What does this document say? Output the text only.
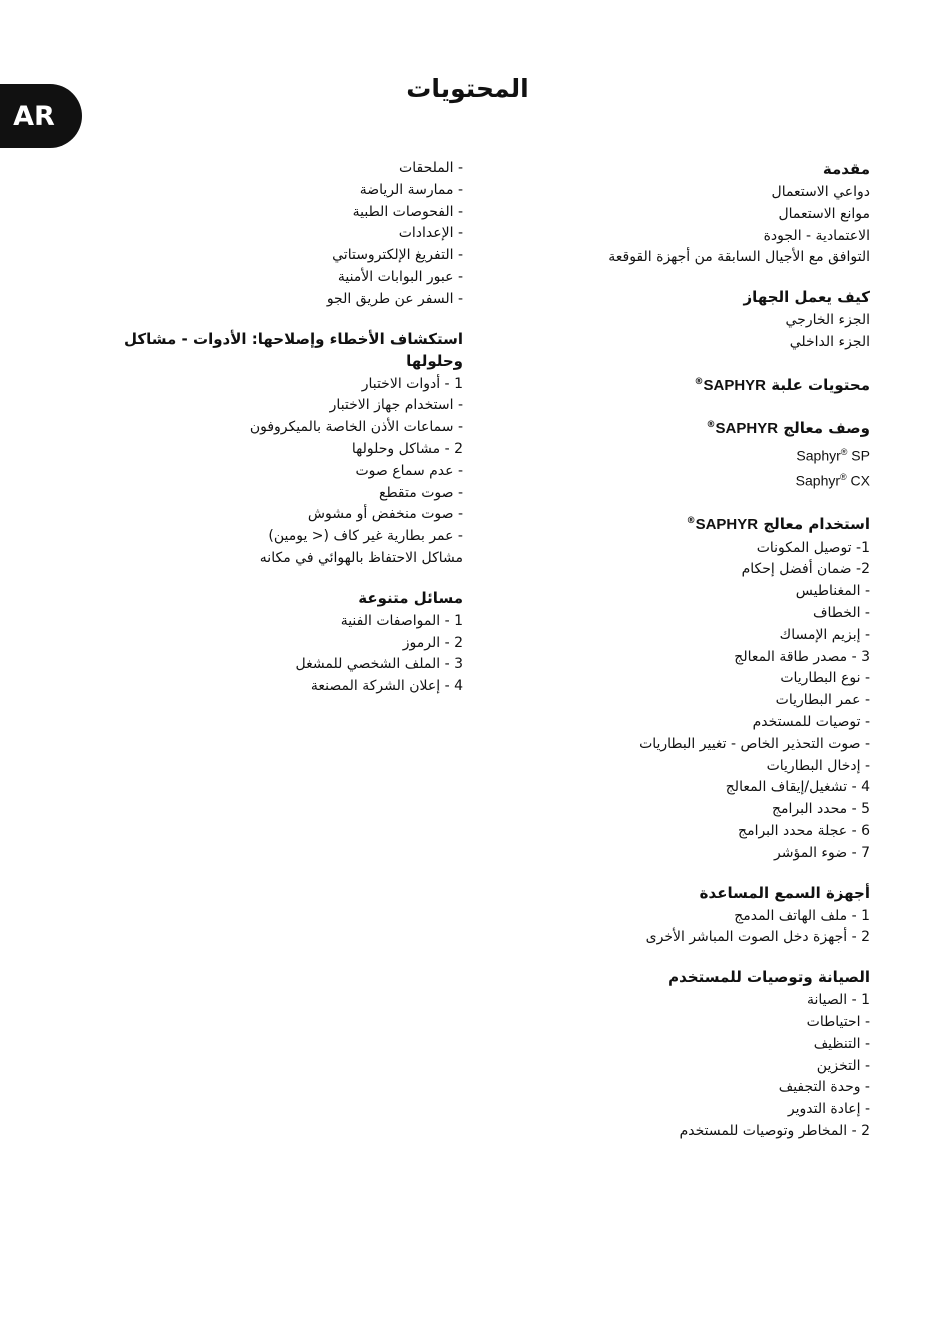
AR
المحتويات
مقدمة
دواعي الاستعمال
موانع الاستعمال
الاعتمادية - الجودة
التوافق مع الأجيال السابقة من أجهزة القوقعة
كيف يعمل الجهاز
الجزء الخارجي
الجزء الداخلي
محتويات علبة SAPHYR®
وصف معالج SAPHYR®
Saphyr® SP
Saphyr® CX
استخدام معالج SAPHYR®
1- توصيل المكونات
2- ضمان أفضل إحكام
- المغناطيس
- الخطاف
- إبزيم الإمساك
3 - مصدر طاقة المعالج
- نوع البطاريات
- عمر البطاريات
- توصيات للمستخدم
- صوت التحذير الخاص - تغيير البطاريات
- إدخال البطاريات
4 - تشغيل/إيقاف المعالج
5 - محدد البرامج
6 - عجلة محدد البرامج
7 - ضوء المؤشر
أجهزة السمع المساعدة
1 - ملف الهاتف المدمج
2 - أجهزة دخل الصوت المباشر الأخرى
الصيانة وتوصيات للمستخدم
1 - الصيانة
- احتياطات
- التنظيف
- التخزين
- وحدة التجفيف
- إعادة التدوير
2 - المخاطر وتوصيات للمستخدم
- الملحقات
- ممارسة الرياضة
- الفحوصات الطبية
- الإعدادات
- التفريغ الإلكتروستاتي
- عبور البوابات الأمنية
- السفر عن طريق الجو
استكشاف الأخطاء وإصلاحها: الأدوات - مشاكل وحلولها
1 - أدوات الاختبار
- استخدام جهاز الاختبار
- سماعات الأذن الخاصة بالميكروفون
2 - مشاكل وحلولها
- عدم سماع صوت
- صوت متقطع
- صوت منخفض أو مشوش
- عمر بطارية غير كاف (< يومين)
مشاكل الاحتفاظ بالهوائي في مكانه
مسائل متنوعة
1 - المواصفات الفنية
2 - الرموز
3 - الملف الشخصي للمشغل
4 - إعلان الشركة المصنعة
